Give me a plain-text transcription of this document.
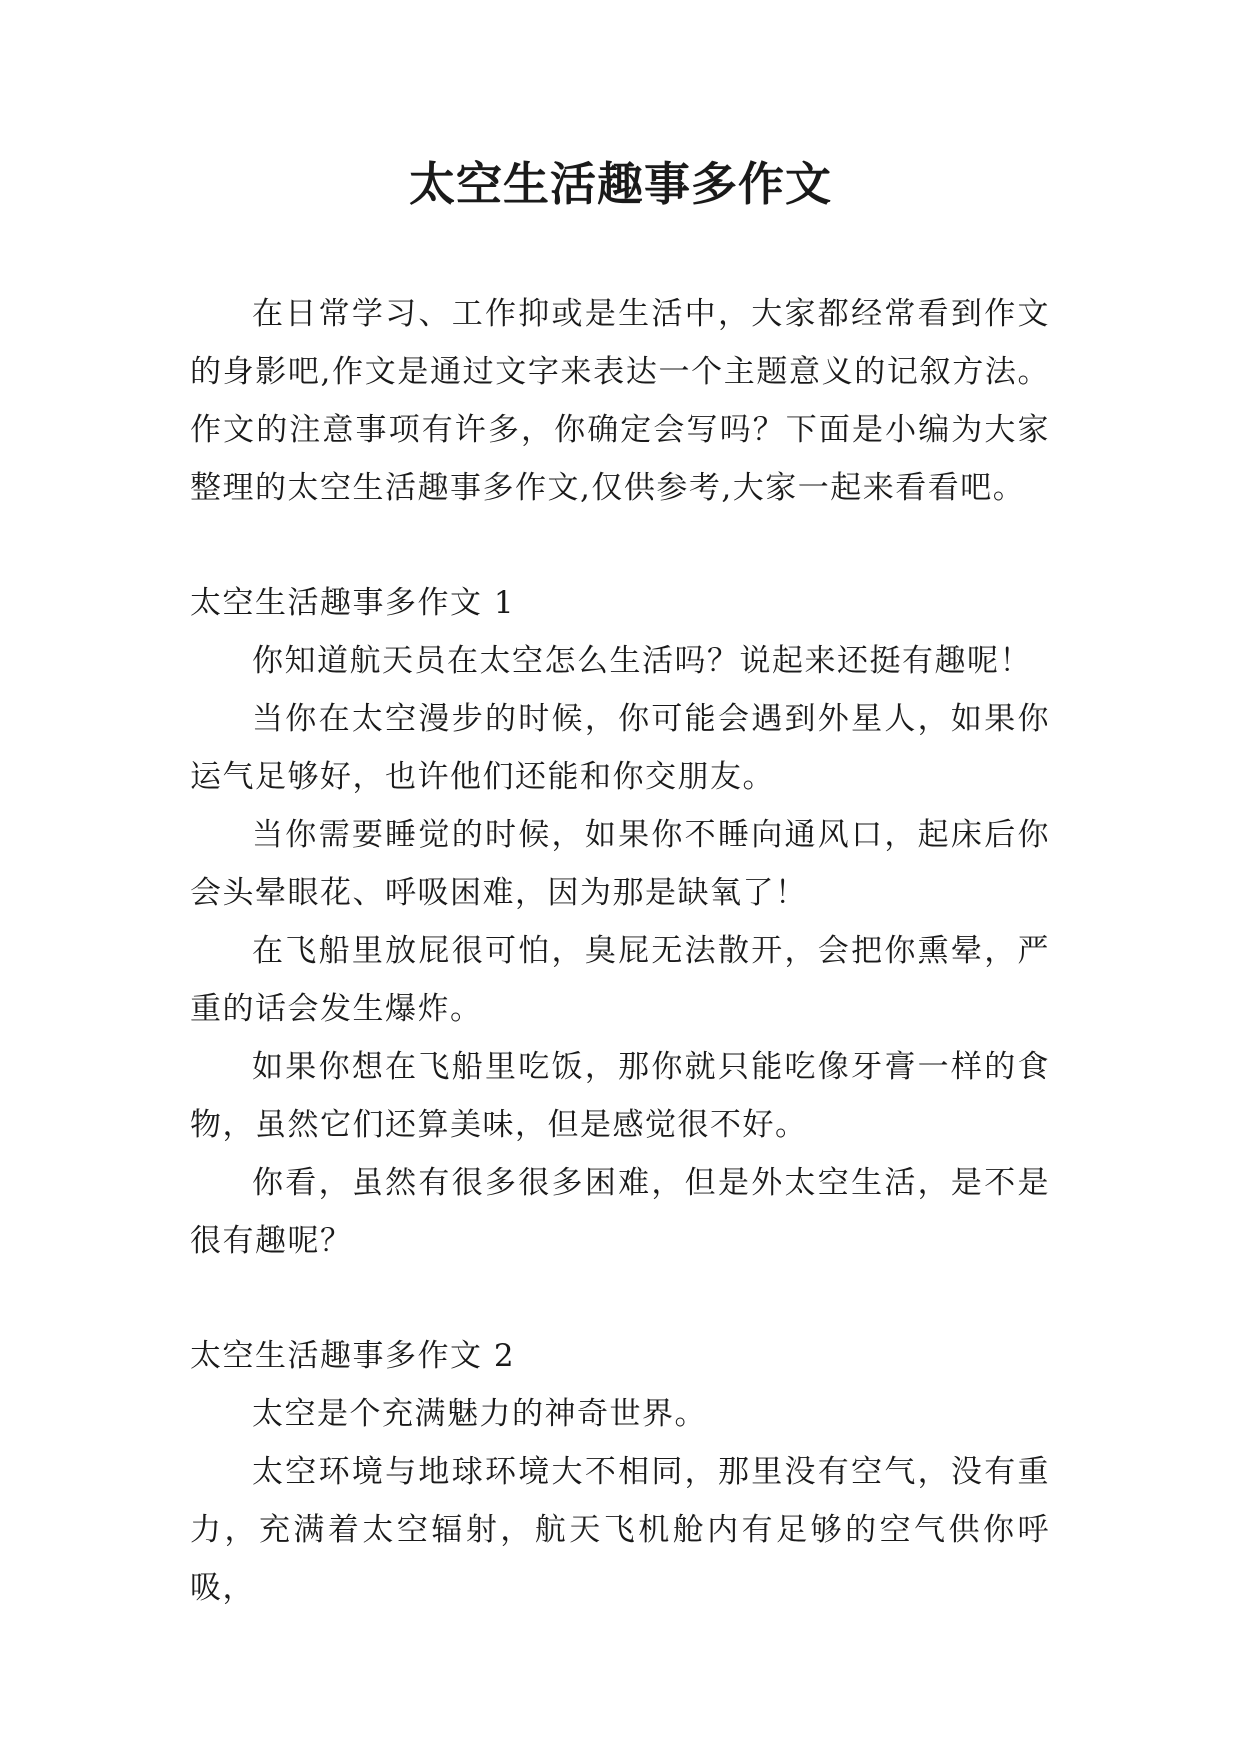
太空生活趣事多作文

在日常学习、工作抑或是生活中，大家都经常看到作文的身影吧,作文是通过文字来表达一个主题意义的记叙方法。作文的注意事项有许多，你确定会写吗？下面是小编为大家整理的太空生活趣事多作文,仅供参考,大家一起来看看吧。

太空生活趣事多作文 1

你知道航天员在太空怎么生活吗？说起来还挺有趣呢！

当你在太空漫步的时候，你可能会遇到外星人，如果你运气足够好，也许他们还能和你交朋友。

当你需要睡觉的时候，如果你不睡向通风口，起床后你会头晕眼花、呼吸困难，因为那是缺氧了！

在飞船里放屁很可怕，臭屁无法散开，会把你熏晕，严重的话会发生爆炸。

如果你想在飞船里吃饭，那你就只能吃像牙膏一样的食物，虽然它们还算美味，但是感觉很不好。

你看，虽然有很多很多困难，但是外太空生活，是不是很有趣呢？

太空生活趣事多作文 2

太空是个充满魅力的神奇世界。

太空环境与地球环境大不相同，那里没有空气，没有重力，充满着太空辐射，航天飞机舱内有足够的空气供你呼吸，
